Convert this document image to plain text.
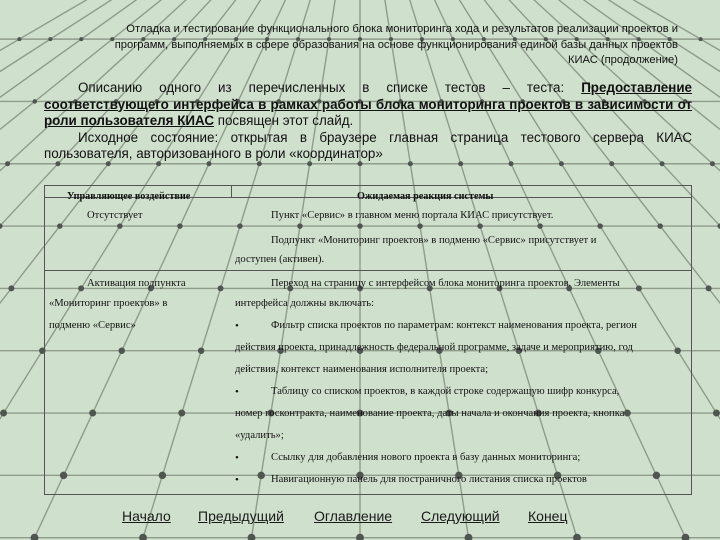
Отладка и тестирование функционального блока мониторинга хода и результатов реализации проектов и
программ, выполняемых в сфере образования на основе функционирования единой базы данных проектов
КИАС (продолжение)

Описанию одного из перечисленных в списке тестов – теста: Предоставление соответствующего интерфейса в рамках работы блока мониторинга проектов в зависимости от роли пользователя КИАС посвящен этот слайд.

Исходное состояние: открытая в браузере главная страница тестового сервера КИАС пользователя, авторизованного в роли «координатор»

Управляющее воздействие	Ожидаемая реакция системы
Отсутствует	Пункт «Сервис» в главном меню портала КИАС присутствует.
Подпункт «Мониторинг проектов» в подменю «Сервис» присутствует и
доступен (активен).
Активация подпункта
«Мониторинг проектов» в
подменю «Сервис»
Переход на страницу с интерфейсом блока мониторинга проектов. Элементы
интерфейса должны включать:
• Фильтр списка проектов по параметрам: контекст наименования проекта, регион
действия проекта, принадлежность федеральной программе, задаче и мероприятию, год
действия, контекст наименования исполнителя проекта;
• Таблицу со списком проектов, в каждой строке содержащую шифр конкурса,
номер госконтракта, наименование проекта, даты начала и окончания проекта, кнопка
«удалить»;
• Ссылку для добавления нового проекта в базу данных мониторинга;
• Навигационную панель для постраничного листания списка проектов
Начало Предыдущий Оглавление Следующий Конец
